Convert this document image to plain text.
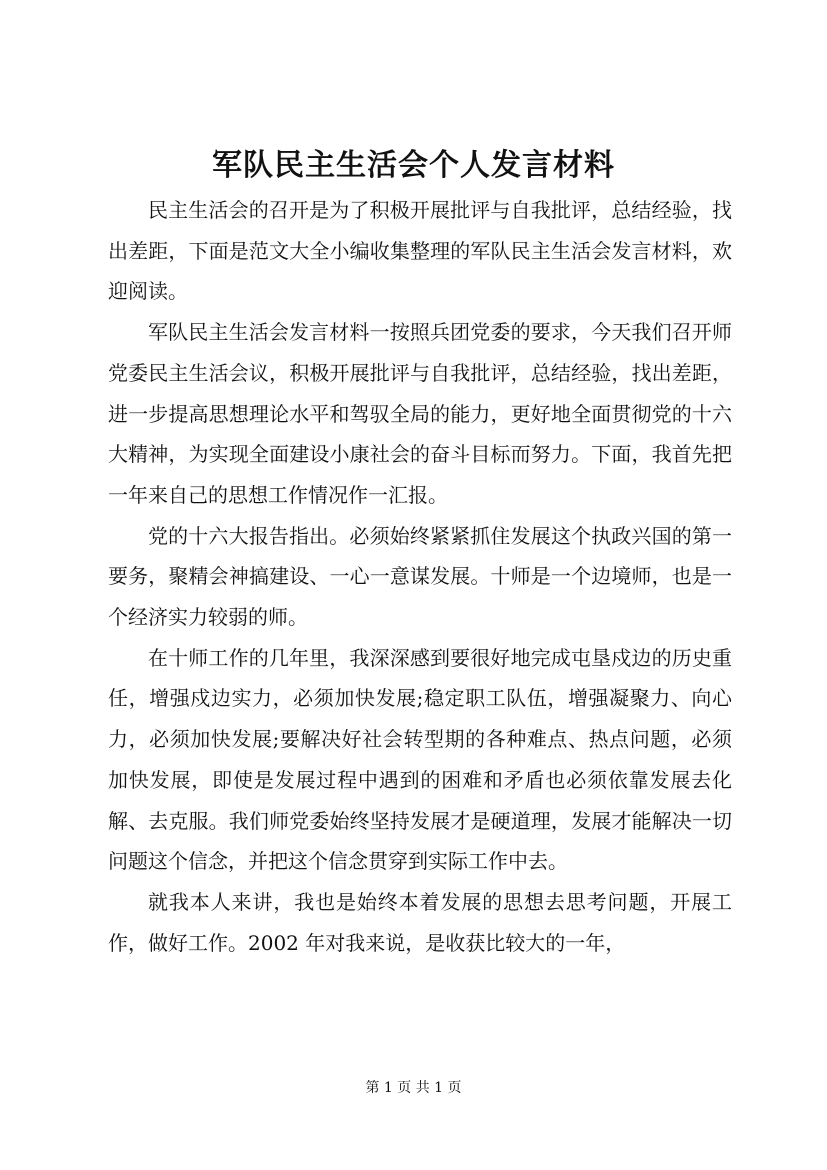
军队民主生活会个人发言材料

民主生活会的召开是为了积极开展批评与自我批评，总结经验，找出差距，下面是范文大全小编收集整理的军队民主生活会发言材料，欢迎阅读。

军队民主生活会发言材料一按照兵团党委的要求，今天我们召开师党委民主生活会议，积极开展批评与自我批评，总结经验，找出差距，进一步提高思想理论水平和驾驭全局的能力，更好地全面贯彻党的十六大精神，为实现全面建设小康社会的奋斗目标而努力。下面，我首先把一年来自己的思想工作情况作一汇报。

党的十六大报告指出。必须始终紧紧抓住发展这个执政兴国的第一要务，聚精会神搞建设、一心一意谋发展。十师是一个边境师，也是一个经济实力较弱的师。

在十师工作的几年里，我深深感到要很好地完成屯垦戍边的历史重任，增强戍边实力，必须加快发展;稳定职工队伍，增强凝聚力、向心力，必须加快发展;要解决好社会转型期的各种难点、热点问题，必须加快发展，即使是发展过程中遇到的困难和矛盾也必须依靠发展去化解、去克服。我们师党委始终坚持发展才是硬道理，发展才能解决一切问题这个信念，并把这个信念贯穿到实际工作中去。

就我本人来讲，我也是始终本着发展的思想去思考问题，开展工作，做好工作。2002 年对我来说，是收获比较大的一年，

第 1 页 共 1 页
